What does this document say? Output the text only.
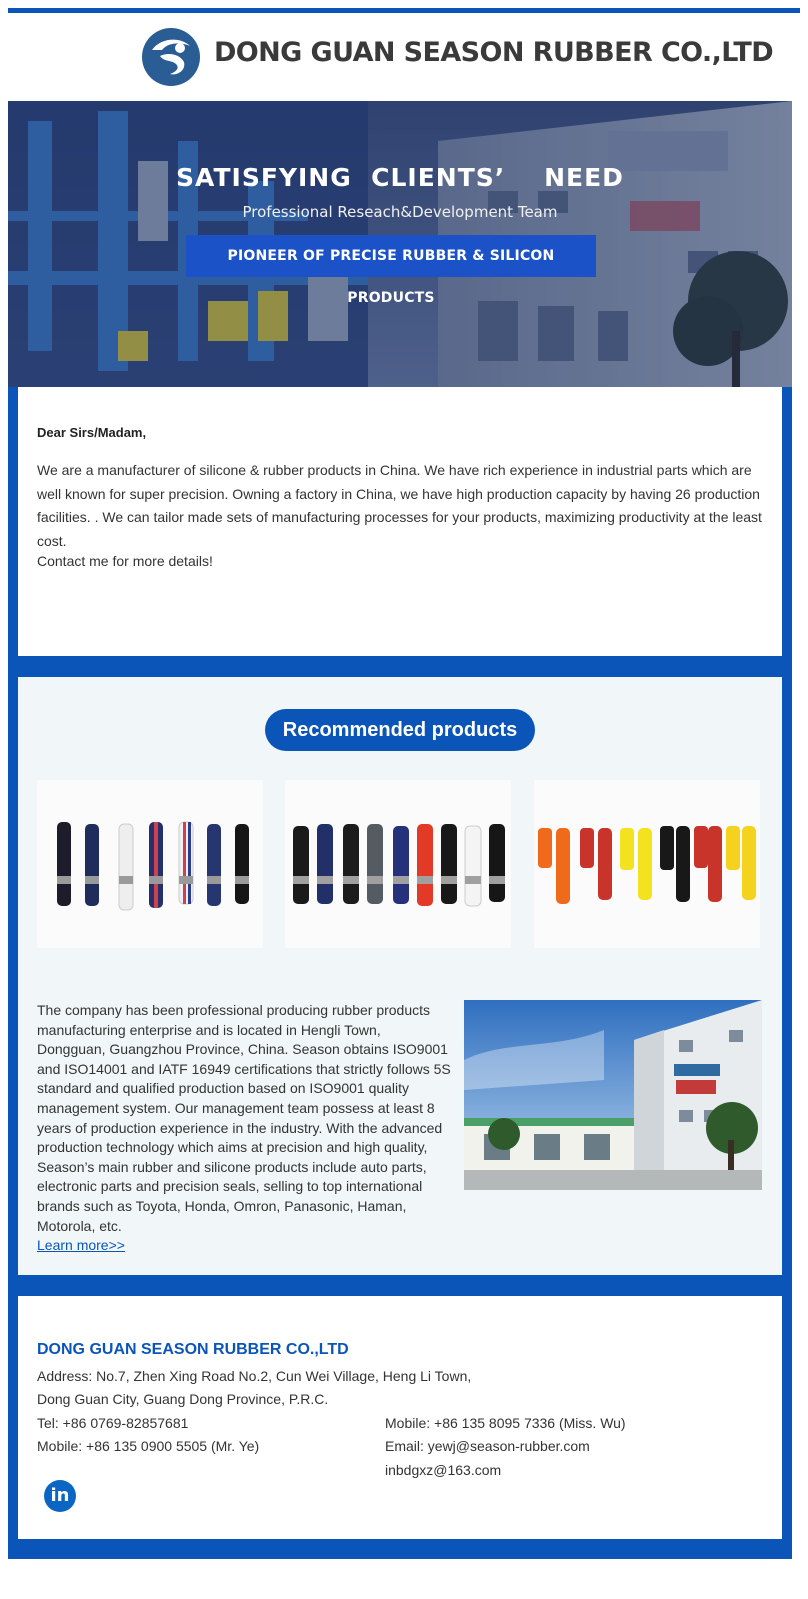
DONG GUAN SEASON RUBBER CO.,LTD
SATISFYING  CLIENTS’    NEED
Professional Reseach&Development Team
PIONEER OF PRECISE RUBBER & SILICON PRODUCTS
Dear Sirs/Madam,
We are a manufacturer of silicone & rubber products in China. We have rich experience in industrial parts which are well known for super precision. Owning a factory in China, we have high production capacity by having 26 production facilities. . We can tailor made sets of manufacturing processes for your products, maximizing productivity at the least cost.
Contact me for more details!
Recommended products
The company has been professional producing rubber products manufacturing enterprise and is located in Hengli Town, Dongguan, Guangzhou Province, China. Season obtains ISO9001 and ISO14001 and IATF 16949 certifications that strictly follows 5S standard and qualified production based on ISO9001 quality management system. Our management team possess at least 8 years of production experience in the industry. With the advanced production technology which aims at precision and high quality, Season’s main rubber and silicone products include auto parts, electronic parts and precision seals, selling to top international brands such as Toyota, Honda, Omron, Panasonic, Haman, Motorola, etc.
Learn more>>
DONG GUAN SEASON RUBBER CO.,LTD
Address: No.7, Zhen Xing Road No.2, Cun Wei Village, Heng Li Town,
Dong Guan City, Guang Dong Province, P.R.C.
Tel: +86 0769-82857681
Mobile: +86 135 0900 5505 (Mr. Ye)
Mobile: +86 135 8095 7336 (Miss. Wu)
Email: yewj@season-rubber.com
inbdgxz@163.com
in
